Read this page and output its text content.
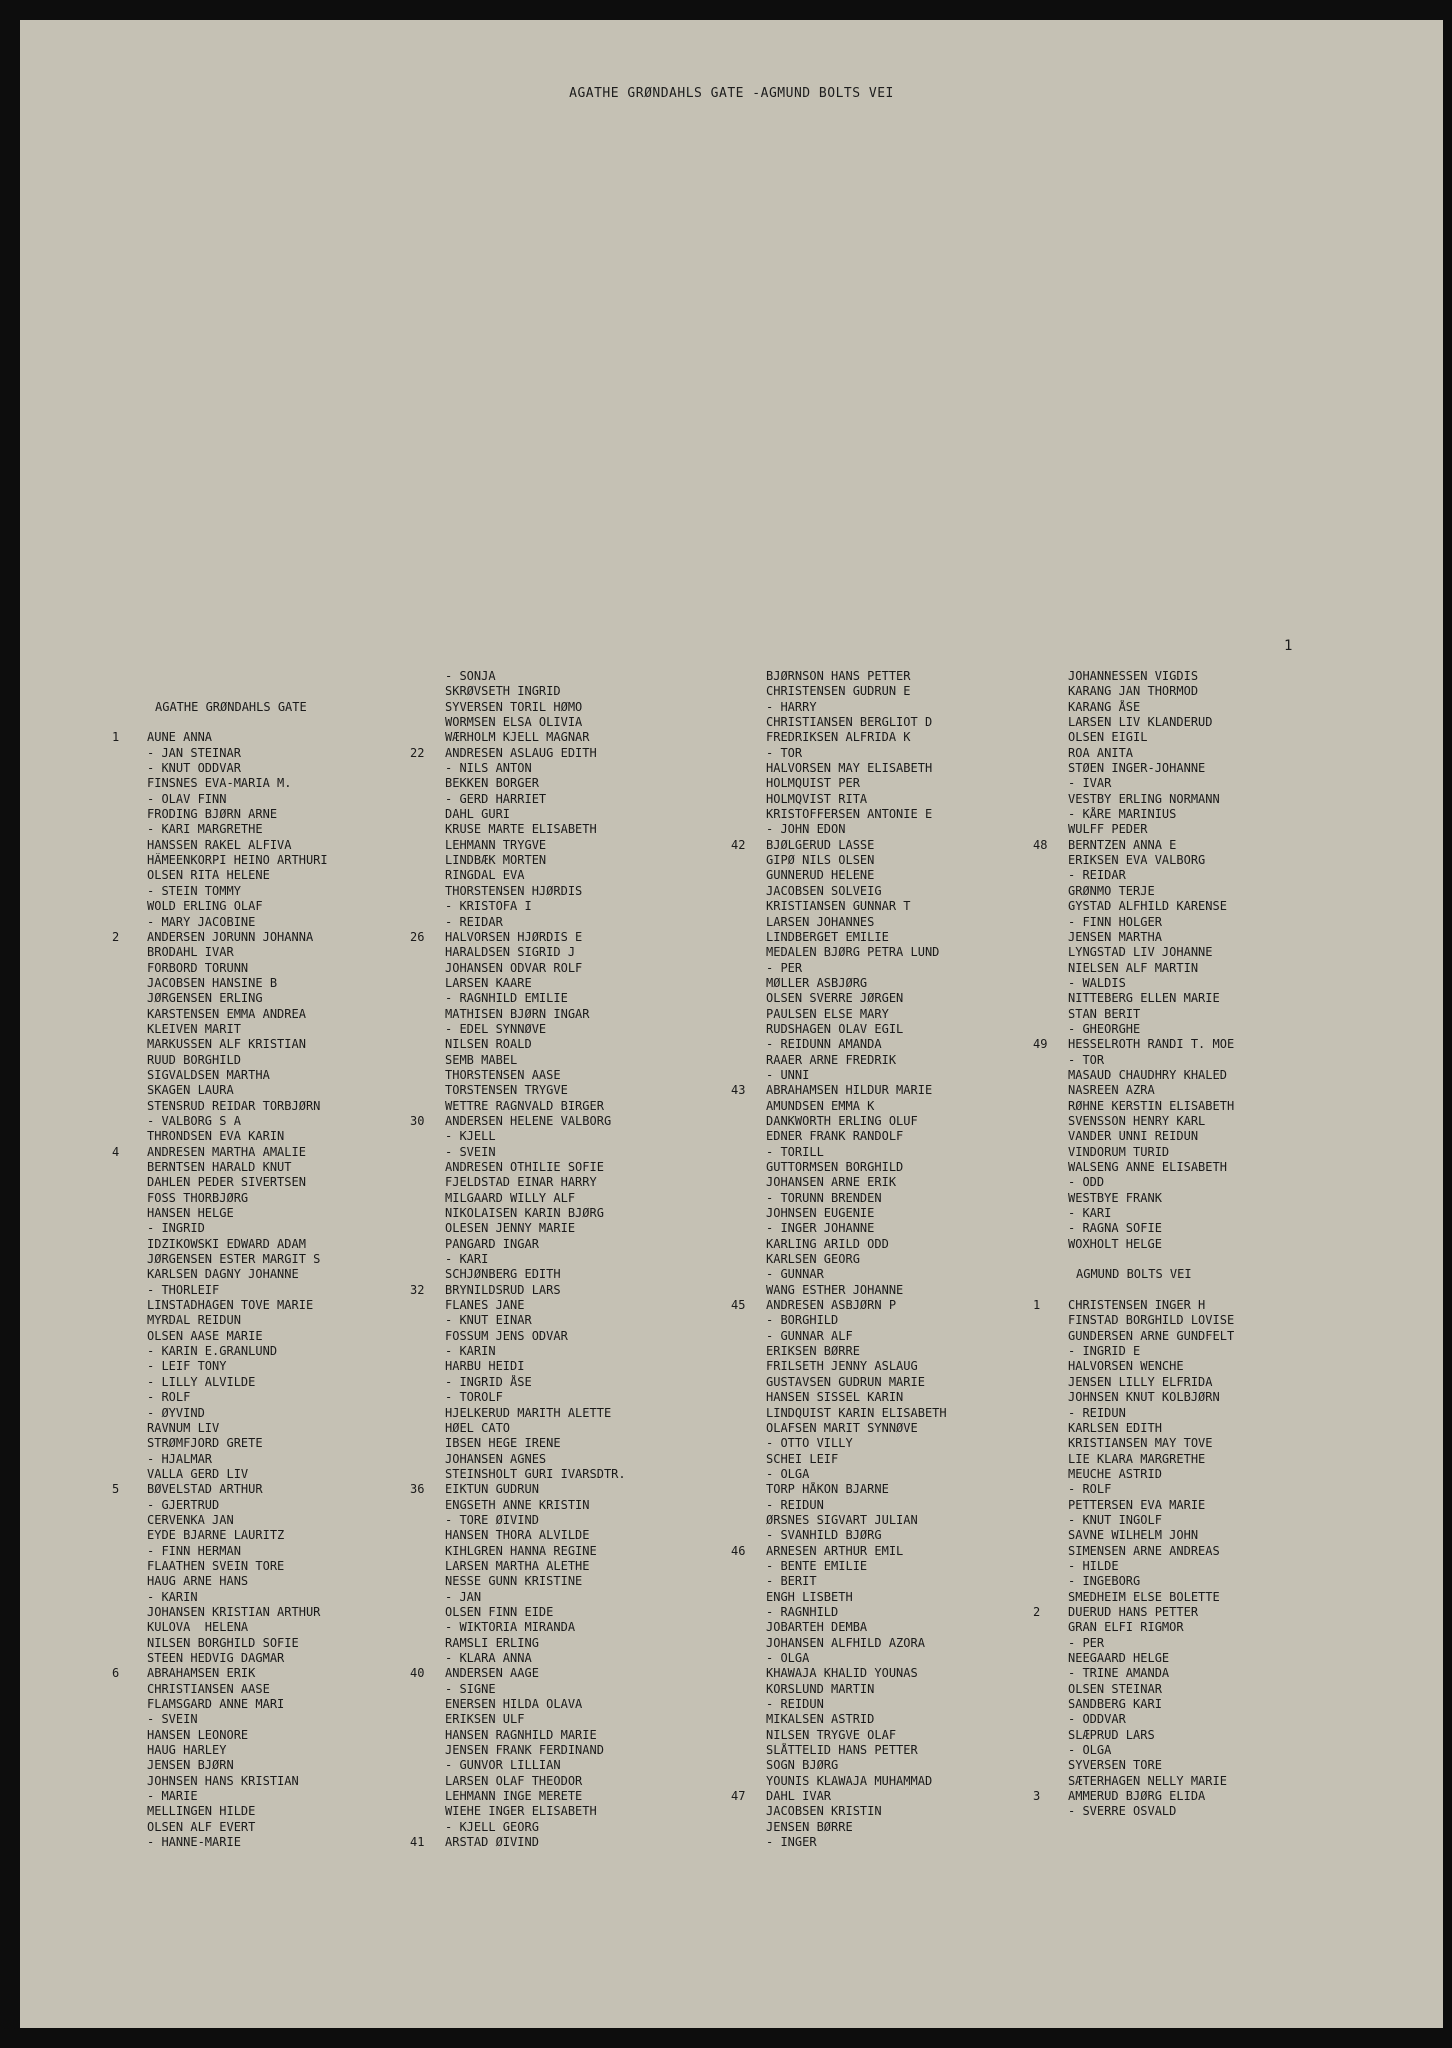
AGATHE GRØNDAHLS GATE -AGMUND BOLTS VEI
1
AGATHE GRØNDAHLS GATE
1	AUNE ANNA
- JAN STEINAR
- KNUT ODDVAR
FINSNES EVA-MARIA M.
- OLAV FINN
FRODING BJØRN ARNE
- KARI MARGRETHE
HANSSEN RAKEL ALFIVA
HÄMEENKORPI HEINO ARTHURI
OLSEN RITA HELENE
- STEIN TOMMY
WOLD ERLING OLAF
- MARY JACOBINE
2	ANDERSEN JORUNN JOHANNA
BRODAHL IVAR
FORBORD TORUNN
JACOBSEN HANSINE B
JØRGENSEN ERLING
KARSTENSEN EMMA ANDREA
KLEIVEN MARIT
MARKUSSEN ALF KRISTIAN
RUUD BORGHILD
SIGVALDSEN MARTHA
SKAGEN LAURA
STENSRUD REIDAR TORBJØRN
- VALBORG S A
THRONDSEN EVA KARIN
4	ANDRESEN MARTHA AMALIE
BERNTSEN HARALD KNUT
DAHLEN PEDER SIVERTSEN
FOSS THORBJØRG
HANSEN HELGE
- INGRID
IDZIKOWSKI EDWARD ADAM
JØRGENSEN ESTER MARGIT S
KARLSEN DAGNY JOHANNE
- THORLEIF
LINSTADHAGEN TOVE MARIE
MYRDAL REIDUN
OLSEN AASE MARIE
- KARIN E.GRANLUND
- LEIF TONY
- LILLY ALVILDE
- ROLF
- ØYVIND
RAVNUM LIV
STRØMFJORD GRETE
- HJALMAR
VALLA GERD LIV
5	BØVELSTAD ARTHUR
- GJERTRUD
CERVENKA JAN
EYDE BJARNE LAURITZ
- FINN HERMAN
FLAATHEN SVEIN TORE
HAUG ARNE HANS
- KARIN
JOHANSEN KRISTIAN ARTHUR
KULOVA  HELENA
NILSEN BORGHILD SOFIE
STEEN HEDVIG DAGMAR
6	ABRAHAMSEN ERIK
CHRISTIANSEN AASE
FLAMSGARD ANNE MARI
- SVEIN
HANSEN LEONORE
HAUG HARLEY
JENSEN BJØRN
JOHNSEN HANS KRISTIAN
- MARIE
MELLINGEN HILDE
OLSEN ALF EVERT
- HANNE-MARIE
- SONJA
SKRØVSETH INGRID
SYVERSEN TORIL HØMO
WORMSEN ELSA OLIVIA
WÆRHOLM KJELL MAGNAR
22	ANDRESEN ASLAUG EDITH
- NILS ANTON
BEKKEN BORGER
- GERD HARRIET
DAHL GURI
KRUSE MARTE ELISABETH
LEHMANN TRYGVE
LINDBÆK MORTEN
RINGDAL EVA
THORSTENSEN HJØRDIS
- KRISTOFA I
- REIDAR
26	HALVORSEN HJØRDIS E
HARALDSEN SIGRID J
JOHANSEN ODVAR ROLF
LARSEN KAARE
- RAGNHILD EMILIE
MATHISEN BJØRN INGAR
- EDEL SYNNØVE
NILSEN ROALD
SEMB MABEL
THORSTENSEN AASE
TORSTENSEN TRYGVE
WETTRE RAGNVALD BIRGER
30	ANDERSEN HELENE VALBORG
- KJELL
- SVEIN
ANDRESEN OTHILIE SOFIE
FJELDSTAD EINAR HARRY
MILGAARD WILLY ALF
NIKOLAISEN KARIN BJØRG
OLESEN JENNY MARIE
PANGARD INGAR
- KARI
SCHJØNBERG EDITH
32	BRYNILDSRUD LARS
FLANES JANE
- KNUT EINAR
FOSSUM JENS ODVAR
- KARIN
HARBU HEIDI
- INGRID ÅSE
- TOROLF
HJELKERUD MARITH ALETTE
HØEL CATO
IBSEN HEGE IRENE
JOHANSEN AGNES
STEINSHOLT GURI IVARSDTR.
36	EIKTUN GUDRUN
ENGSETH ANNE KRISTIN
- TORE ØIVIND
HANSEN THORA ALVILDE
KIHLGREN HANNA REGINE
LARSEN MARTHA ALETHE
NESSE GUNN KRISTINE
- JAN
OLSEN FINN EIDE
- WIKTORIA MIRANDA
RAMSLI ERLING
- KLARA ANNA
40	ANDERSEN AAGE
- SIGNE
ENERSEN HILDA OLAVA
ERIKSEN ULF
HANSEN RAGNHILD MARIE
JENSEN FRANK FERDINAND
- GUNVOR LILLIAN
LARSEN OLAF THEODOR
LEHMANN INGE MERETE
WIEHE INGER ELISABETH
- KJELL GEORG
41	ARSTAD ØIVIND
BJØRNSON HANS PETTER
CHRISTENSEN GUDRUN E
- HARRY
CHRISTIANSEN BERGLIOT D
FREDRIKSEN ALFRIDA K
- TOR
HALVORSEN MAY ELISABETH
HOLMQUIST PER
HOLMQVIST RITA
KRISTOFFERSEN ANTONIE E
- JOHN EDON
42	BJØLGERUD LASSE
GIPØ NILS OLSEN
GUNNERUD HELENE
JACOBSEN SOLVEIG
KRISTIANSEN GUNNAR T
LARSEN JOHANNES
LINDBERGET EMILIE
MEDALEN BJØRG PETRA LUND
- PER
MØLLER ASBJØRG
OLSEN SVERRE JØRGEN
PAULSEN ELSE MARY
RUDSHAGEN OLAV EGIL
- REIDUNN AMANDA
RAAER ARNE FREDRIK
- UNNI
43	ABRAHAMSEN HILDUR MARIE
AMUNDSEN EMMA K
DANKWORTH ERLING OLUF
EDNER FRANK RANDOLF
- TORILL
GUTTORMSEN BORGHILD
JOHANSEN ARNE ERIK
- TORUNN BRENDEN
JOHNSEN EUGENIE
- INGER JOHANNE
KARLING ARILD ODD
KARLSEN GEORG
- GUNNAR
WANG ESTHER JOHANNE
45	ANDRESEN ASBJØRN P
- BORGHILD
- GUNNAR ALF
ERIKSEN BØRRE
FRILSETH JENNY ASLAUG
GUSTAVSEN GUDRUN MARIE
HANSEN SISSEL KARIN
LINDQUIST KARIN ELISABETH
OLAFSEN MARIT SYNNØVE
- OTTO VILLY
SCHEI LEIF
- OLGA
TORP HÅKON BJARNE
- REIDUN
ØRSNES SIGVART JULIAN
- SVANHILD BJØRG
46	ARNESEN ARTHUR EMIL
- BENTE EMILIE
- BERIT
ENGH LISBETH
- RAGNHILD
JOBARTEH DEMBA
JOHANSEN ALFHILD AZORA
- OLGA
KHAWAJA KHALID YOUNAS
KORSLUND MARTIN
- REIDUN
MIKALSEN ASTRID
NILSEN TRYGVE OLAF
SLÅTTELID HANS PETTER
SOGN BJØRG
YOUNIS KLAWAJA MUHAMMAD
47	DAHL IVAR
JACOBSEN KRISTIN
JENSEN BØRRE
- INGER
JOHANNESSEN VIGDIS
KARANG JAN THORMOD
KARANG ÅSE
LARSEN LIV KLANDERUD
OLSEN EIGIL
ROA ANITA
STØEN INGER-JOHANNE
- IVAR
VESTBY ERLING NORMANN
- KÅRE MARINIUS
WULFF PEDER
48	BERNTZEN ANNA E
ERIKSEN EVA VALBORG
- REIDAR
GRØNMO TERJE
GYSTAD ALFHILD KARENSE
- FINN HOLGER
JENSEN MARTHA
LYNGSTAD LIV JOHANNE
NIELSEN ALF MARTIN
- WALDIS
NITTEBERG ELLEN MARIE
STAN BERIT
- GHEORGHE
49	HESSELROTH RANDI T. MOE
- TOR
MASAUD CHAUDHRY KHALED
NASREEN AZRA
RØHNE KERSTIN ELISABETH
SVENSSON HENRY KARL
VANDER UNNI REIDUN
VINDORUM TURID
WALSENG ANNE ELISABETH
- ODD
WESTBYE FRANK
- KARI
- RAGNA SOFIE
WOXHOLT HELGE
AGMUND BOLTS VEI
1	CHRISTENSEN INGER H
FINSTAD BORGHILD LOVISE
GUNDERSEN ARNE GUNDFELT
- INGRID E
HALVORSEN WENCHE
JENSEN LILLY ELFRIDA
JOHNSEN KNUT KOLBJØRN
- REIDUN
KARLSEN EDITH
KRISTIANSEN MAY TOVE
LIE KLARA MARGRETHE
MEUCHE ASTRID
- ROLF
PETTERSEN EVA MARIE
- KNUT INGOLF
SAVNE WILHELM JOHN
SIMENSEN ARNE ANDREAS
- HILDE
- INGEBORG
SMEDHEIM ELSE BOLETTE
2	DUERUD HANS PETTER
GRAN ELFI RIGMOR
- PER
NEEGAARD HELGE
- TRINE AMANDA
OLSEN STEINAR
SANDBERG KARI
- ODDVAR
SLÆPRUD LARS
- OLGA
SYVERSEN TORE
SÆTERHAGEN NELLY MARIE
3	AMMERUD BJØRG ELIDA
- SVERRE OSVALD
